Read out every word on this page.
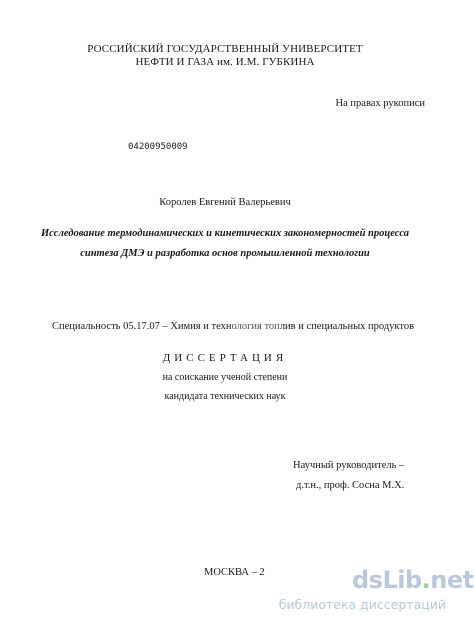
РОССИЙСКИЙ ГОСУДАРСТВЕННЫЙ УНИВЕРСИТЕТ
НЕФТИ И ГАЗА им. И.М. ГУБКИНА
На правах рукописи
04200950009
Королев Евгений Валерьевич
Исследование термодинамических и кинетических закономерностей процесса
синтеза ДМЭ и разработка основ промышленной технологии
Специальность 05.17.07 – Химия и технология топлив и специальных продуктов
ДИССЕРТАЦИЯ
на соискание ученой степени
кандидата технических наук
Научный руководитель –
д.т.н., проф. Сосна М.Х.
МОСКВА – 2	dsLib.net
библиотека диссертаций
